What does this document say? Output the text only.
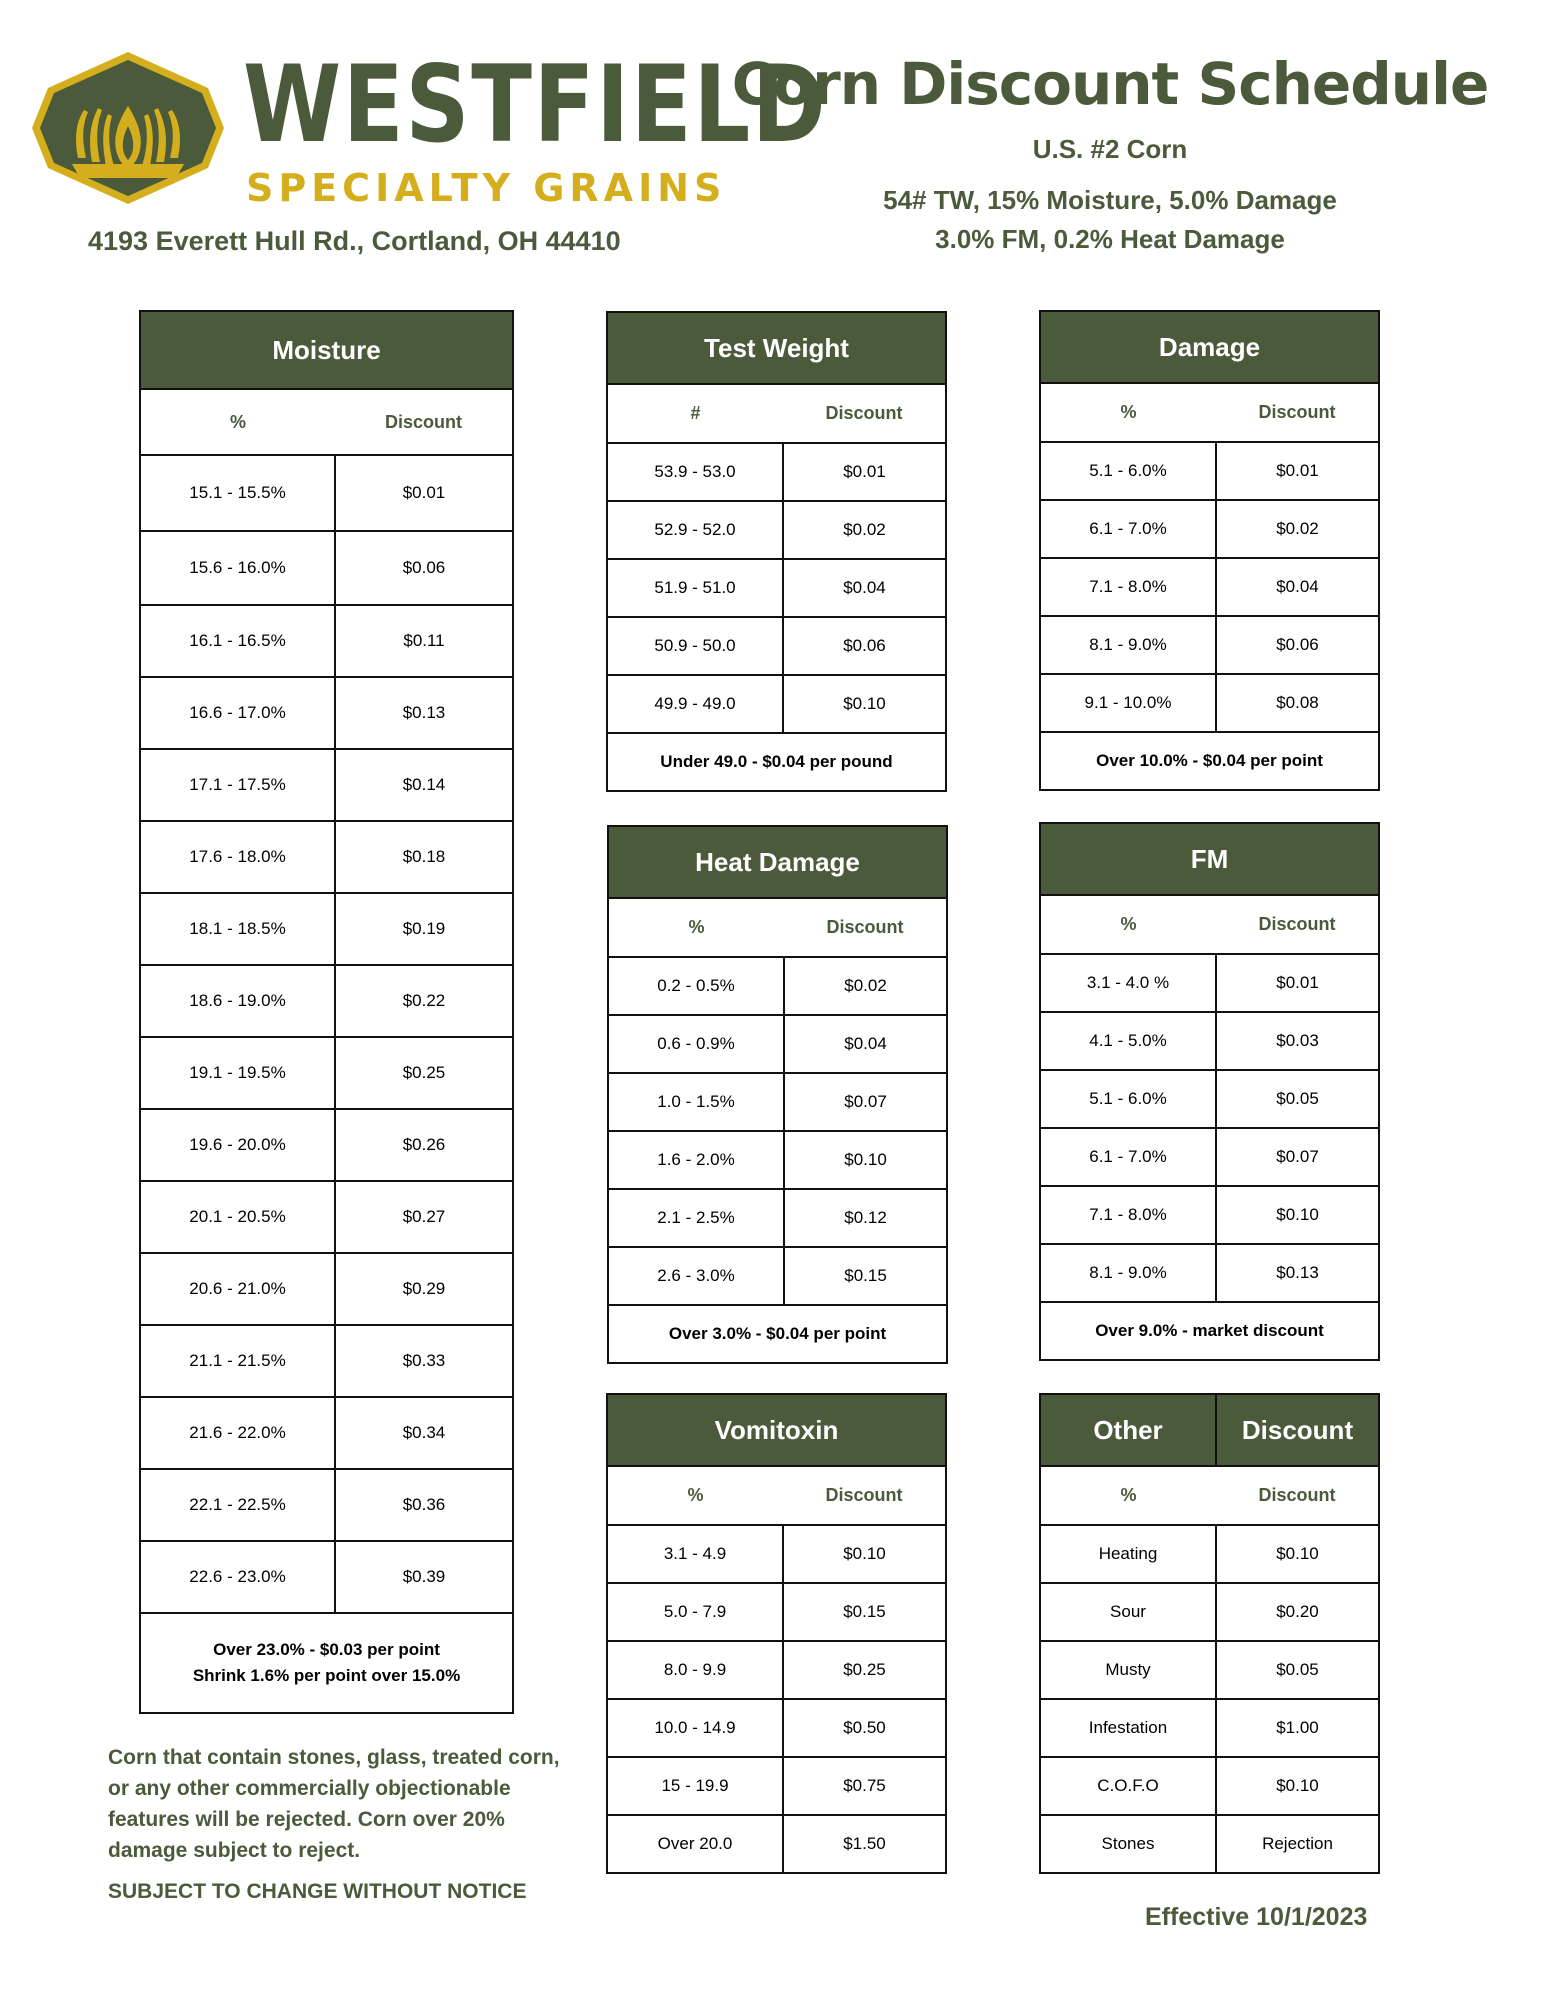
WESTFIELD
SPECIALTY GRAINS
4193 Everett Hull Rd., Cortland, OH 44410
Corn Discount Schedule
U.S. #2 Corn
54# TW, 15% Moisture, 5.0% Damage
3.0% FM, 0.2% Heat Damage
Moisture	
%	Discount
15.1 - 15.5%	$0.01
15.6 - 16.0%	$0.06
16.1 - 16.5%	$0.11
16.6 - 17.0%	$0.13
17.1 - 17.5%	$0.14
17.6 - 18.0%	$0.18
18.1 - 18.5%	$0.19
18.6 - 19.0%	$0.22
19.1 - 19.5%	$0.25
19.6 - 20.0%	$0.26
20.1 - 20.5%	$0.27
20.6 - 21.0%	$0.29
21.1 - 21.5%	$0.33
21.6 - 22.0%	$0.34
22.1 - 22.5%	$0.36
22.6 - 23.0%	$0.39

Over 23.0% - $0.03 per point
Shrink 1.6% per point over 15.0%	
Test Weight	
#	Discount
53.9 - 53.0	$0.01
52.9 - 52.0	$0.02
51.9 - 51.0	$0.04
50.9 - 50.0	$0.06
49.9 - 49.0	$0.10
Under 49.0 - $0.04 per pound	
Damage	
%	Discount
5.1 - 6.0%	$0.01
6.1 - 7.0%	$0.02
7.1 - 8.0%	$0.04
8.1 - 9.0%	$0.06
9.1 - 10.0%	$0.08
Over 10.0% - $0.04 per point	
Heat Damage	
%	Discount
0.2 - 0.5%	$0.02
0.6 - 0.9%	$0.04
1.0 - 1.5%	$0.07
1.6 - 2.0%	$0.10
2.1 - 2.5%	$0.12
2.6 - 3.0%	$0.15
Over 3.0% - $0.04 per point	
FM	
%	Discount
3.1 - 4.0 %	$0.01
4.1 - 5.0%	$0.03
5.1 - 6.0%	$0.05
6.1 - 7.0%	$0.07
7.1 - 8.0%	$0.10
8.1 - 9.0%	$0.13
Over 9.0% - market discount	
Vomitoxin	
%	Discount
3.1 - 4.9	$0.10
5.0 - 7.9	$0.15
8.0 - 9.9	$0.25
10.0 - 14.9	$0.50
15 - 19.9	$0.75
Over 20.0	$1.50
Other	Discount
%	Discount
Heating	$0.10
Sour	$0.20
Musty	$0.05
Infestation	$1.00
C.O.F.O	$0.10
Stones	Rejection
Corn that contain stones, glass, treated corn, or any other commercially objectionable features will be rejected. Corn over 20% damage subject to reject.
SUBJECT TO CHANGE WITHOUT NOTICE
Effective 10/1/2023
